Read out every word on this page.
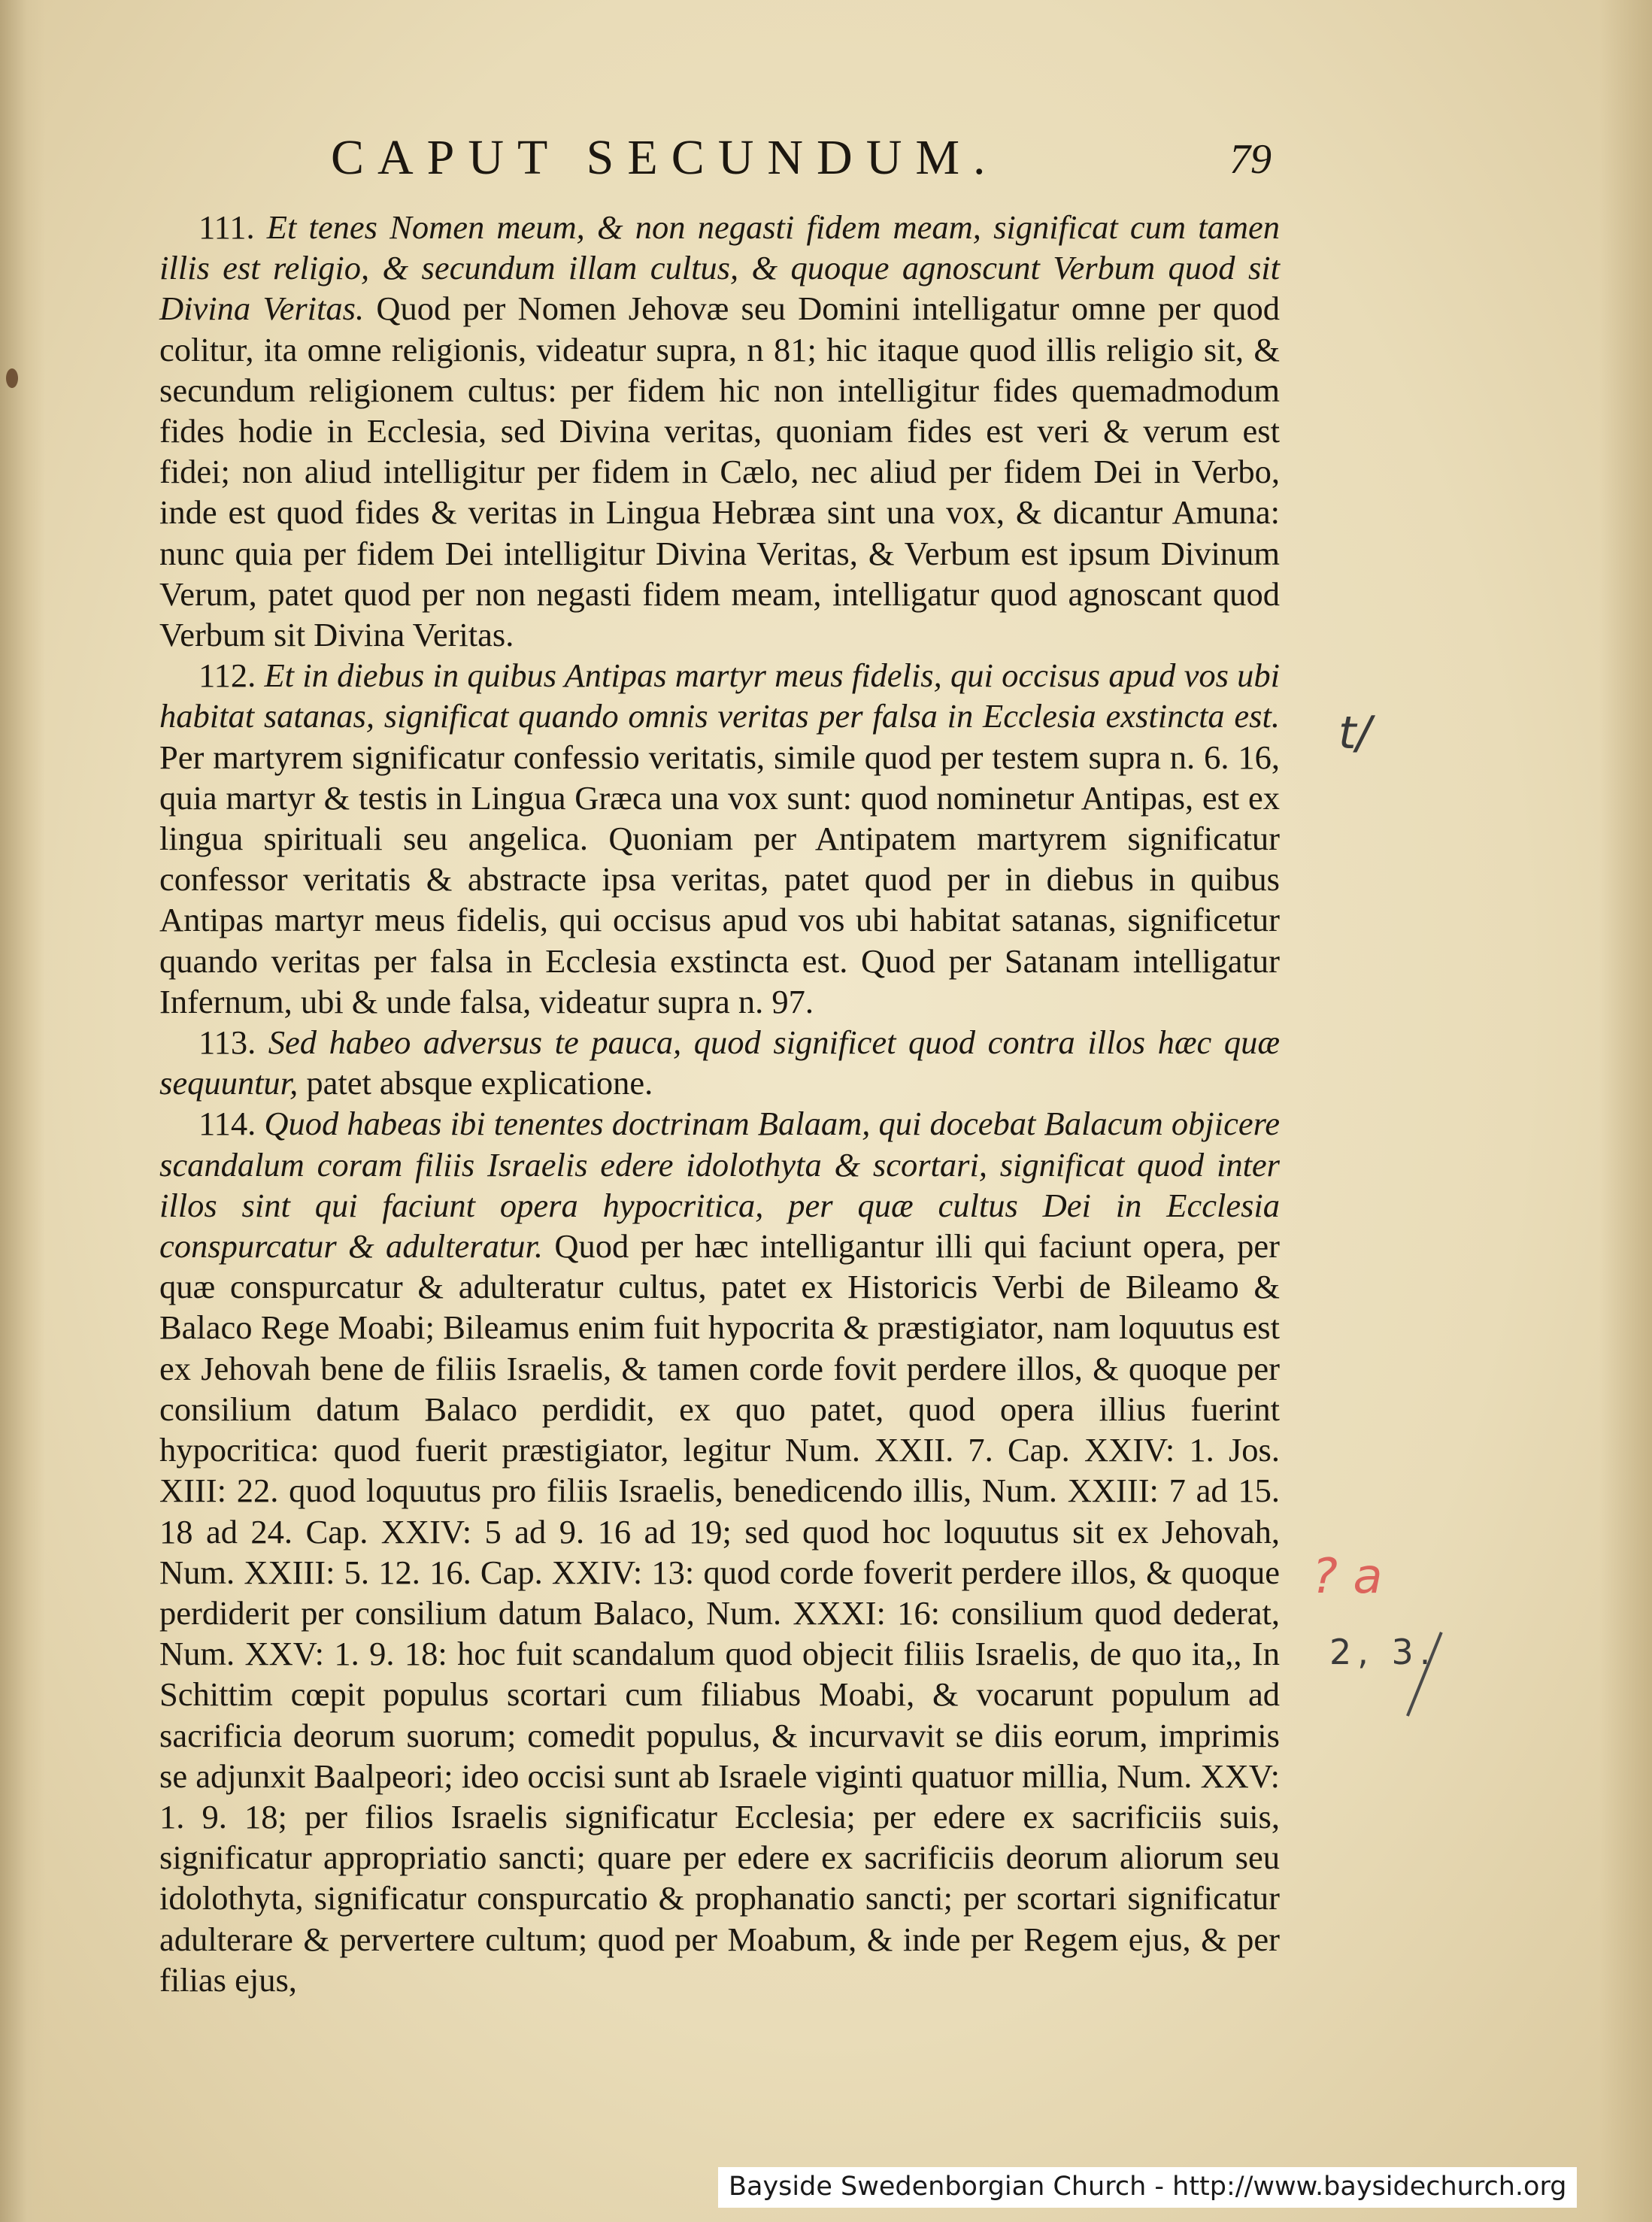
CAPUT SECUNDUM.	79

111. Et tenes Nomen meum, & non negasti fidem meam, significat cum tamen illis est religio, & secundum illam cultus, & quoque agnoscunt Verbum quod sit Divina Veritas. Quod per Nomen Jehovæ seu Domini intelligatur omne per quod colitur, ita omne religionis, videatur supra, n 81; hic itaque quod illis religio sit, & secundum religionem cultus: per fidem hic non intelligitur fides quemadmodum fides hodie in Ecclesia, sed Divina veritas, quoniam fides est veri & verum est fidei; non aliud intelligitur per fidem in Cælo, nec aliud per fidem Dei in Verbo, inde est quod fides & veritas in Lingua Hebræa sint una vox, & dicantur Amuna: nunc quia per fidem Dei intelligitur Divina Veritas, & Verbum est ipsum Divinum Verum, patet quod per non negasti fidem meam, intelligatur quod agnoscant quod Verbum sit Divina Veritas.

112. Et in diebus in quibus Antipas martyr meus fidelis, qui occisus apud vos ubi habitat satanas, significat quando omnis veritas per falsa in Ecclesia exstincta est. Per martyrem significatur confessio veritatis, simile quod per testem supra n. 6. 16, quia martyr & testis in Lingua Græca una vox sunt: quod nominetur Antipas, est ex lingua spirituali seu angelica. Quoniam per Antipatem martyrem significatur confessor veritatis & abstracte ipsa veritas, patet quod per in diebus in quibus Antipas martyr meus fidelis, qui occisus apud vos ubi habitat satanas, significetur quando veritas per falsa in Ecclesia exstincta est. Quod per Satanam intelligatur Infernum, ubi & unde falsa, videatur supra n. 97.

113. Sed habeo adversus te pauca, quod significet quod contra illos hæc quæ sequuntur, patet absque explicatione.

114. Quod habeas ibi tenentes doctrinam Balaam, qui docebat Balacum objicere scandalum coram filiis Israelis edere idolothyta & scortari, significat quod inter illos sint qui faciunt opera hypocritica, per quæ cultus Dei in Ecclesia conspurcatur & adulteratur. Quod per hæc intelligantur illi qui faciunt opera, per quæ conspurcatur & adulteratur cultus, patet ex Historicis Verbi de Bileamo & Balaco Rege Moabi; Bileamus enim fuit hypocrita & præstigiator, nam loquutus est ex Jehovah bene de filiis Israelis, & tamen corde fovit perdere illos, & quoque per consilium datum Balaco perdidit, ex quo patet, quod opera illius fuerint hypocritica: quod fuerit præstigiator, legitur Num. XXII. 7. Cap. XXIV: 1. Jos. XIII: 22. quod loquutus pro filiis Israelis, benedicendo illis, Num. XXIII: 7 ad 15. 18 ad 24. Cap. XXIV: 5 ad 9. 16 ad 19; sed quod hoc loquutus sit ex Jehovah, Num. XXIII: 5. 12. 16. Cap. XXIV: 13: quod corde foverit perdere illos, & quoque perdiderit per consilium datum Balaco, Num. XXXI: 16: consilium quod dederat, Num. XXV: 1. 9. 18: hoc fuit scandalum quod objecit filiis Israelis, de quo ita,, In Schittim cœpit populus scortari cum filiabus Moabi, & vocarunt populum ad sacrificia deorum suorum; comedit populus, & incurvavit se diis eorum, imprimis se adjunxit Baalpeori; ideo occisi sunt ab Israele viginti quatuor millia, Num. XXV: 1. 9. 18; per filios Israelis significatur Ecclesia; per edere ex sacrificiis suis, significatur appropriatio sancti; quare per edere ex sacrificiis deorum aliorum seu idolothyta, significatur conspurcatio & prophanatio sancti; per scortari significatur adulterare & pervertere cultum; quod per Moabum, & inde per Regem ejus, & per filias ejus,

t/
? a
2, 3.
Bayside Swedenborgian Church - http://www.baysidechurch.org
